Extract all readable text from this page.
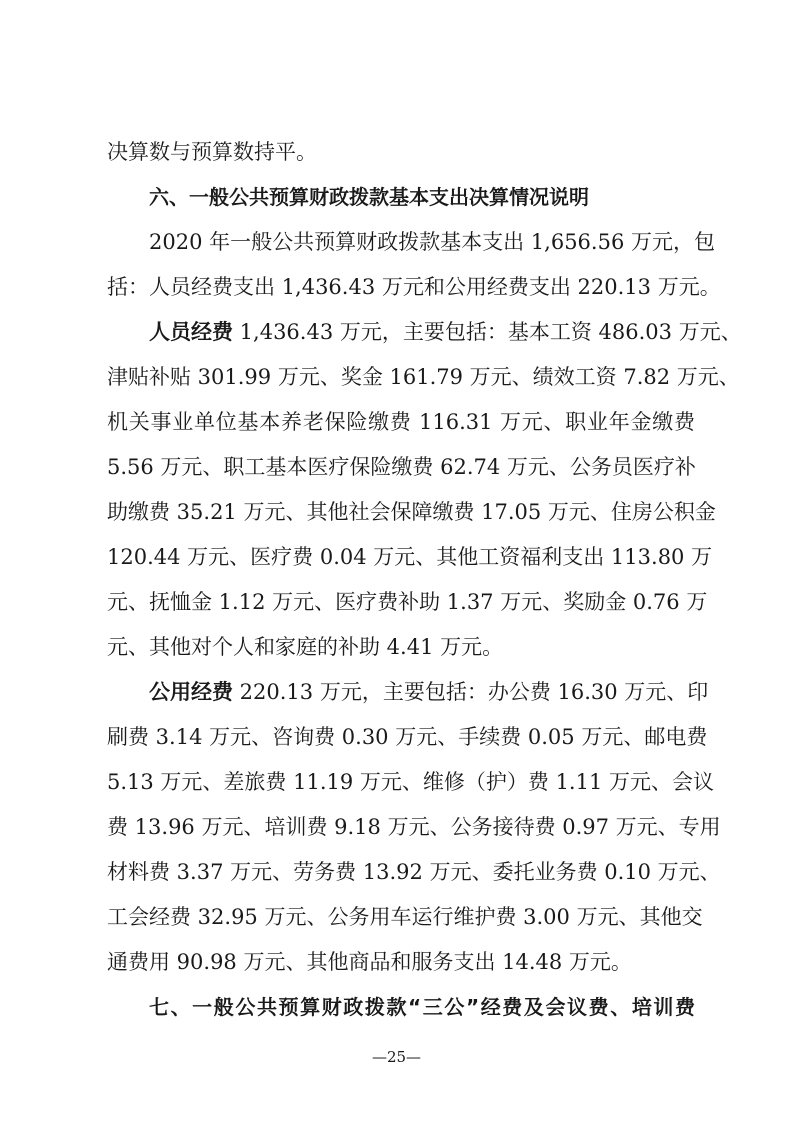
决算数与预算数持平。
六、一般公共预算财政拨款基本支出决算情况说明
2020 年一般公共预算财政拨款基本支出 1,656.56 万元，包
括：人员经费支出 1,436.43 万元和公用经费支出 220.13 万元。
人员经费 1,436.43 万元，主要包括：基本工资 486.03 万元、
津贴补贴 301.99 万元、奖金 161.79 万元、绩效工资 7.82 万元、
机关事业单位基本养老保险缴费 116.31 万元、职业年金缴费
5.56 万元、职工基本医疗保险缴费 62.74 万元、公务员医疗补
助缴费 35.21 万元、其他社会保障缴费 17.05 万元、住房公积金
120.44 万元、医疗费 0.04 万元、其他工资福利支出 113.80 万
元、抚恤金 1.12 万元、医疗费补助 1.37 万元、奖励金 0.76 万
元、其他对个人和家庭的补助 4.41 万元。
公用经费 220.13 万元，主要包括：办公费 16.30 万元、印
刷费 3.14 万元、咨询费 0.30 万元、手续费 0.05 万元、邮电费
5.13 万元、差旅费 11.19 万元、维修（护）费 1.11 万元、会议
费 13.96 万元、培训费 9.18 万元、公务接待费 0.97 万元、专用
材料费 3.37 万元、劳务费 13.92 万元、委托业务费 0.10 万元、
工会经费 32.95 万元、公务用车运行维护费 3.00 万元、其他交
通费用 90.98 万元、其他商品和服务支出 14.48 万元。
七、一般公共预算财政拨款“三公”经费及会议费、培训费
—25—
